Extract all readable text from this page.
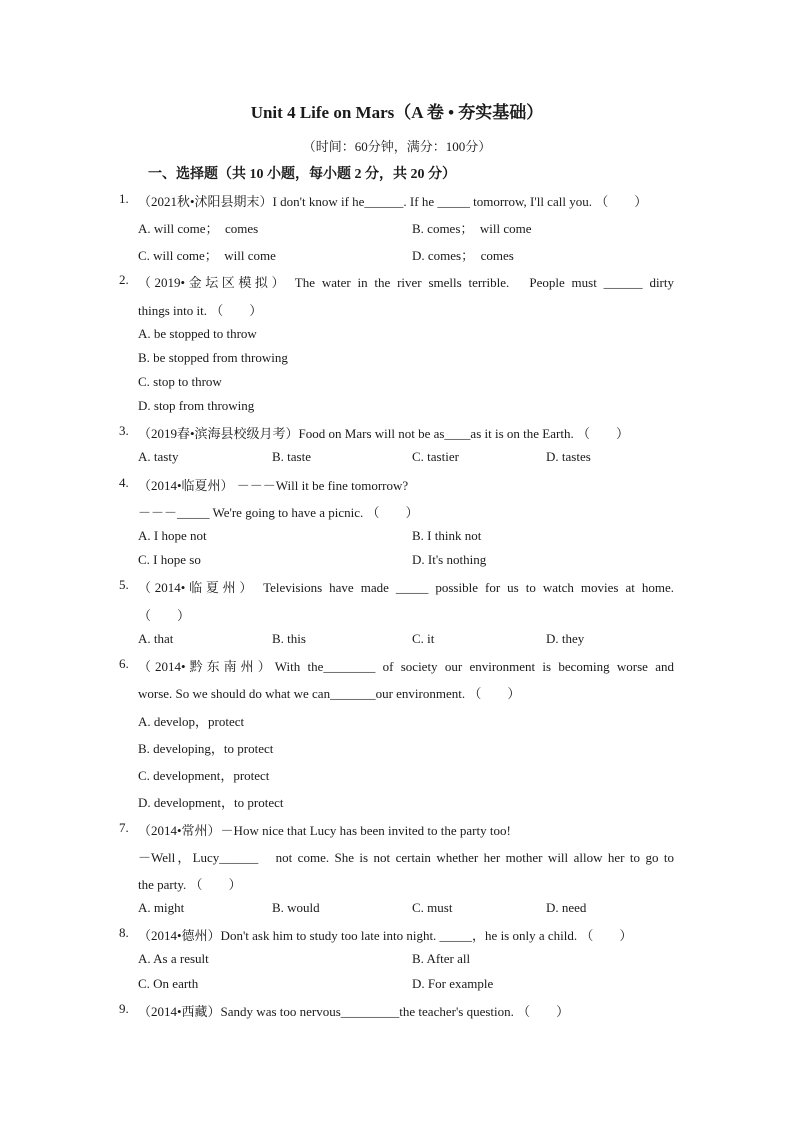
Unit 4 Life on Mars（A 卷 • 夯实基础）
（时间：60分钟，满分：100分）
一、选择题（共 10 小题，每小题 2 分，共 20 分）
1. （2021秋•沭阳县期末）I don't know if he______. If he _____ tomorrow, I'll call you. （　　）
A. will come；　comes	B. comes；　will come
C. will come；　will come	D. comes；　comes
2. （2019•金坛区模拟） The water in the river smells terrible.　People must ______ dirty
things into it. （　　）
A. be stopped to throw
B. be stopped from throwing
C. stop to throw
D. stop from throwing
3. （2019春•滨海县校级月考）Food on Mars will not be as____as it is on the Earth. （　　）
A. tasty	B. taste	C. tastier	D. tastes
4. （2014•临夏州） －－－Will it be fine tomorrow?
－－－_____ We're going to have a picnic. （　　）
A. I hope not	B. I think not
C. I hope so	D. It's nothing
5. （2014•临夏州） Televisions have made _____ possible for us to watch movies at home.
（　　）
A. that	B. this	C. it	D. they
6. （2014•黔东南州）With the________ of society our environment is becoming worse and
worse. So we should do what we can_______our environment. （　　）
A. develop，protect
B. developing，to protect
C. development，protect
D. development，to protect
7. （2014•常州）－How nice that Lucy has been invited to the party too!
－Well，Lucy______　not come. She is not certain whether her mother will allow her to go to
the party. （　　）
A. might	B. would	C. must	D. need
8. （2014•德州）Don't ask him to study too late into night. _____，he is only a child. （　　）
A. As a result	B. After all
C. On earth	D. For example
9. （2014•西藏）Sandy was too nervous_________the teacher's question. （　　）
